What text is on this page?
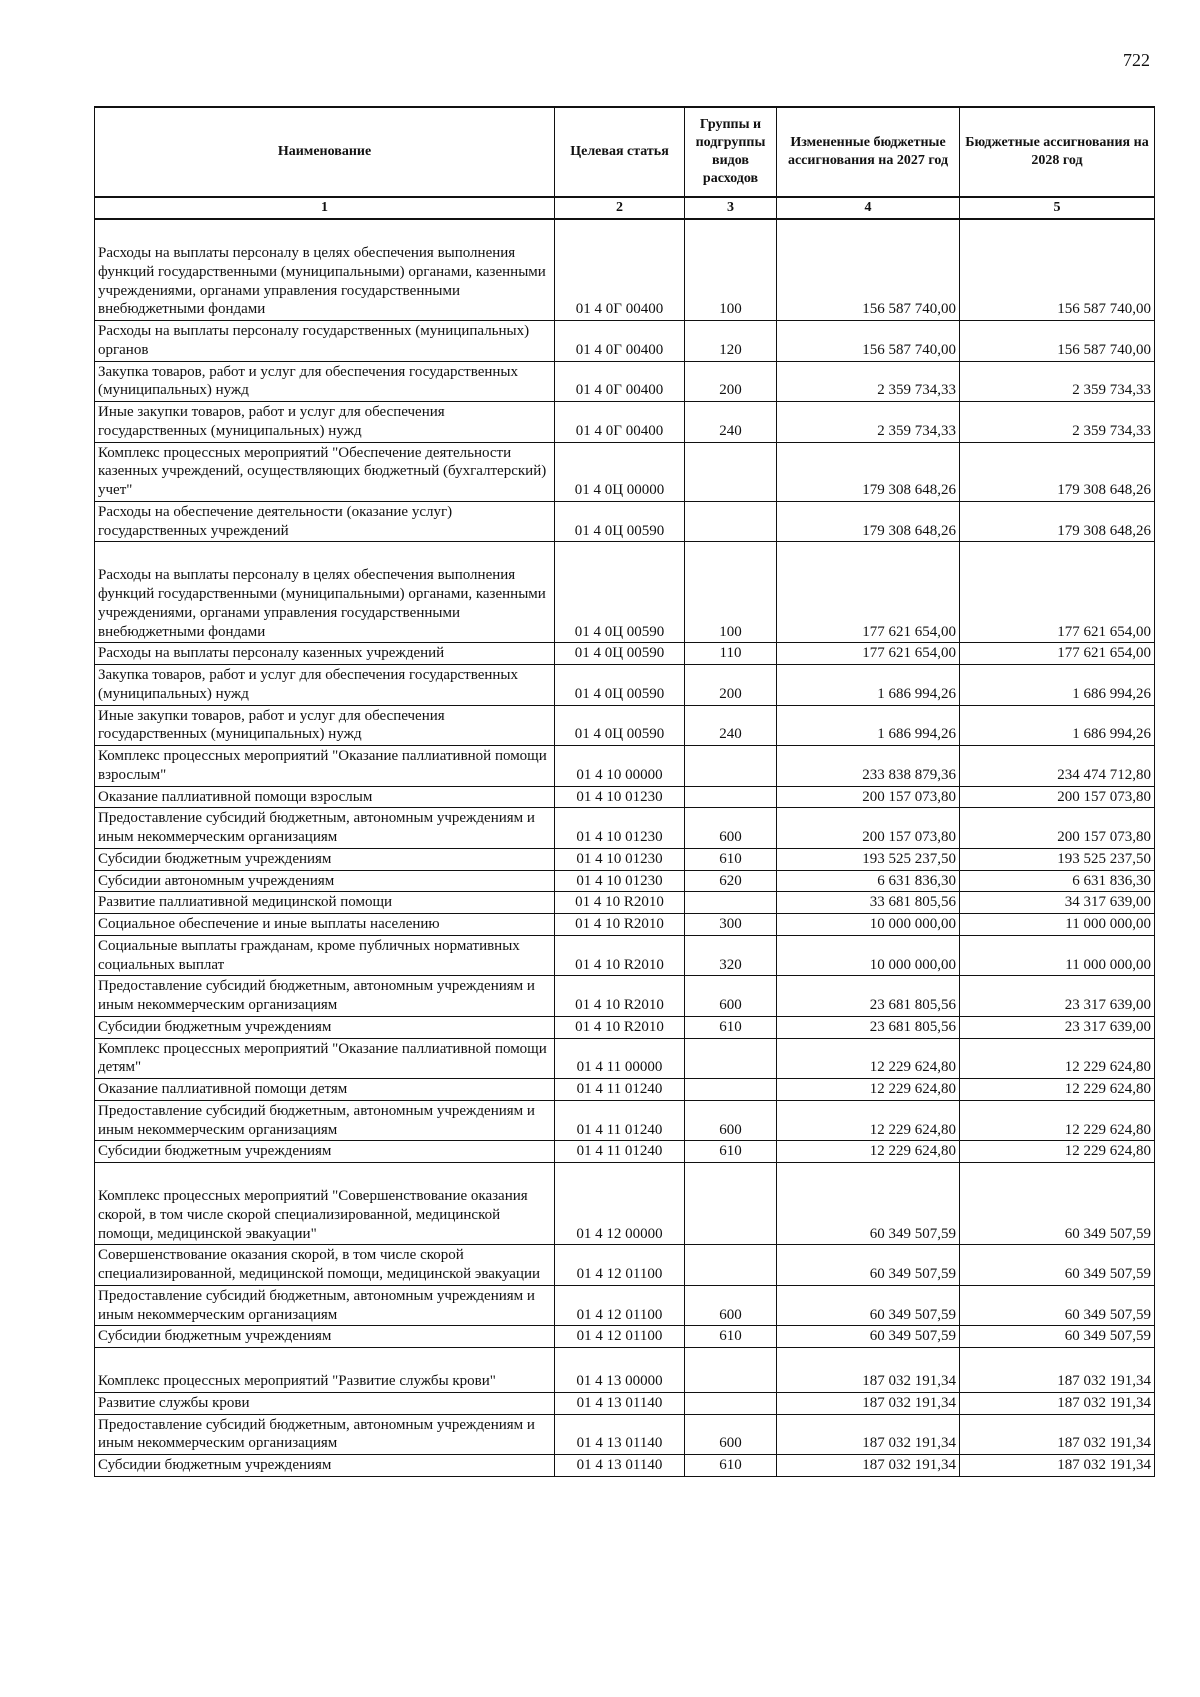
722
Наименование	Целевая статья	Группы и подгруппы видов расходов	Измененные бюджетные ассигнования на 2027 год	Бюджетные ассигнования на 2028 год
1	2	3	4	5
Расходы на выплаты персоналу в целях обеспечения выполнения функций государственными (муниципальными) органами, казенными учреждениями, органами управления государственными внебюджетными фондами	01 4 0Г 00400	100	156 587 740,00	156 587 740,00
Расходы на выплаты персоналу государственных (муниципальных) органов	01 4 0Г 00400	120	156 587 740,00	156 587 740,00
Закупка товаров, работ и услуг для обеспечения государственных (муниципальных) нужд	01 4 0Г 00400	200	2 359 734,33	2 359 734,33
Иные закупки товаров, работ и услуг для обеспечения государственных (муниципальных) нужд	01 4 0Г 00400	240	2 359 734,33	2 359 734,33
Комплекс процессных мероприятий "Обеспечение деятельности казенных учреждений, осуществляющих бюджетный (бухгалтерский) учет"	01 4 0Ц 00000		179 308 648,26	179 308 648,26
Расходы на обеспечение деятельности (оказание услуг) государственных учреждений	01 4 0Ц 00590		179 308 648,26	179 308 648,26
Расходы на выплаты персоналу в целях обеспечения выполнения функций государственными (муниципальными) органами, казенными учреждениями, органами управления государственными внебюджетными фондами	01 4 0Ц 00590	100	177 621 654,00	177 621 654,00
Расходы на выплаты персоналу казенных учреждений	01 4 0Ц 00590	110	177 621 654,00	177 621 654,00
Закупка товаров, работ и услуг для обеспечения государственных (муниципальных) нужд	01 4 0Ц 00590	200	1 686 994,26	1 686 994,26
Иные закупки товаров, работ и услуг для обеспечения государственных (муниципальных) нужд	01 4 0Ц 00590	240	1 686 994,26	1 686 994,26
Комплекс процессных мероприятий "Оказание паллиативной помощи взрослым"	01 4 10 00000		233 838 879,36	234 474 712,80
Оказание паллиативной помощи взрослым	01 4 10 01230		200 157 073,80	200 157 073,80
Предоставление субсидий бюджетным, автономным учреждениям и иным некоммерческим организациям	01 4 10 01230	600	200 157 073,80	200 157 073,80
Субсидии бюджетным учреждениям	01 4 10 01230	610	193 525 237,50	193 525 237,50
Субсидии автономным учреждениям	01 4 10 01230	620	6 631 836,30	6 631 836,30
Развитие паллиативной медицинской помощи	01 4 10 R2010		33 681 805,56	34 317 639,00
Социальное обеспечение и иные выплаты населению	01 4 10 R2010	300	10 000 000,00	11 000 000,00
Социальные выплаты гражданам, кроме публичных нормативных социальных выплат	01 4 10 R2010	320	10 000 000,00	11 000 000,00
Предоставление субсидий бюджетным, автономным учреждениям и иным некоммерческим организациям	01 4 10 R2010	600	23 681 805,56	23 317 639,00
Субсидии бюджетным учреждениям	01 4 10 R2010	610	23 681 805,56	23 317 639,00
Комплекс процессных мероприятий "Оказание паллиативной помощи детям"	01 4 11 00000		12 229 624,80	12 229 624,80
Оказание паллиативной помощи детям	01 4 11 01240		12 229 624,80	12 229 624,80
Предоставление субсидий бюджетным, автономным учреждениям и иным некоммерческим организациям	01 4 11 01240	600	12 229 624,80	12 229 624,80
Субсидии бюджетным учреждениям	01 4 11 01240	610	12 229 624,80	12 229 624,80
Комплекс процессных мероприятий "Совершенствование оказания скорой, в том числе скорой специализированной, медицинской помощи, медицинской эвакуации"	01 4 12 00000		60 349 507,59	60 349 507,59
Совершенствование оказания скорой, в том числе скорой специализированной, медицинской помощи, медицинской эвакуации	01 4 12 01100		60 349 507,59	60 349 507,59
Предоставление субсидий бюджетным, автономным учреждениям и иным некоммерческим организациям	01 4 12 01100	600	60 349 507,59	60 349 507,59
Субсидии бюджетным учреждениям	01 4 12 01100	610	60 349 507,59	60 349 507,59
Комплекс процессных мероприятий "Развитие службы крови"	01 4 13 00000		187 032 191,34	187 032 191,34
Развитие службы крови	01 4 13 01140		187 032 191,34	187 032 191,34
Предоставление субсидий бюджетным, автономным учреждениям и иным некоммерческим организациям	01 4 13 01140	600	187 032 191,34	187 032 191,34
Субсидии бюджетным учреждениям	01 4 13 01140	610	187 032 191,34	187 032 191,34
